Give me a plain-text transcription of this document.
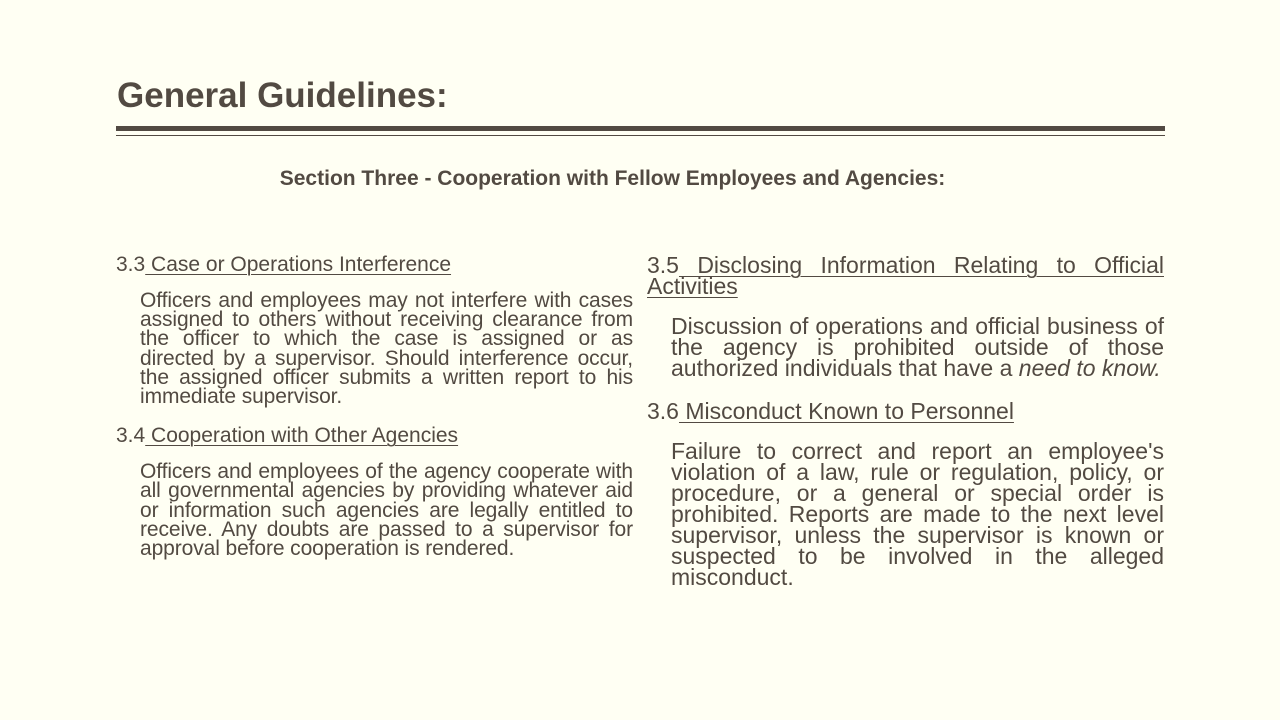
General Guidelines:
Section Three - Cooperation with Fellow Employees and Agencies:

3.3 Case or Operations Interference

Officers and employees may not interfere with cases assigned to others without receiving clearance from the officer to which the case is assigned or as directed by a supervisor. Should interference occur, the assigned officer submits a written report to his immediate supervisor.

3.4 Cooperation with Other Agencies

Officers and employees of the agency cooperate with all governmental agencies by providing whatever aid or information such agencies are legally entitled to receive. Any doubts are passed to a supervisor for approval before cooperation is rendered.

3.5 Disclosing Information Relating to Official Activities

Discussion of operations and official business of the agency is prohibited outside of those authorized individuals that have a need to know.

3.6 Misconduct Known to Personnel

Failure to correct and report an employee's violation of a law, rule or regulation, policy, or procedure, or a general or special order is prohibited. Reports are made to the next level supervisor, unless the supervisor is known or suspected to be involved in the alleged misconduct.
